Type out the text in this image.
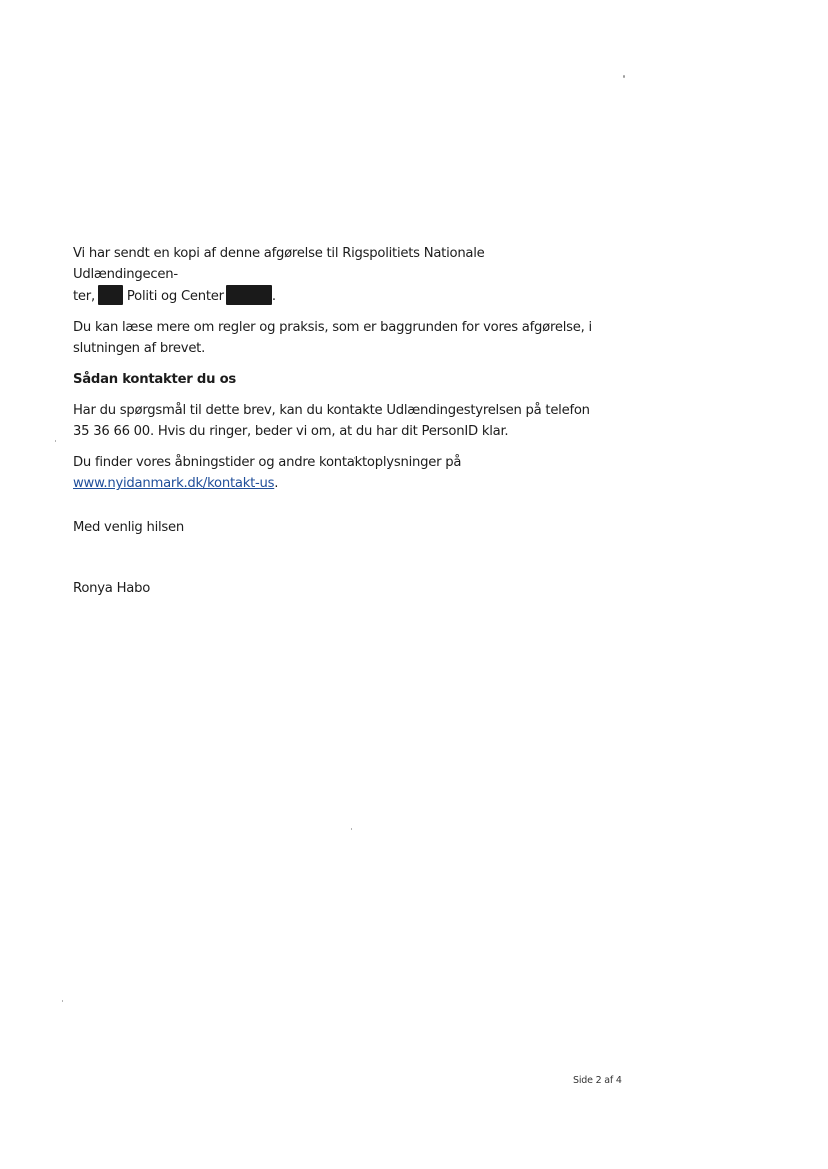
Vi har sendt en kopi af denne afgørelse til Rigspolitiets Nationale Udlændingecen-
ter, Politi og Center	.

Du kan læse mere om regler og praksis, som er baggrunden for vores afgørelse, i slutningen af brevet.

Sådan kontakter du os

Har du spørgsmål til dette brev, kan du kontakte Udlændingestyrelsen på telefon 35 36 66 00. Hvis du ringer, beder vi om, at du har dit PersonID klar.

Du finder vores åbningstider og andre kontaktoplysninger på
www.nyidanmark.dk/kontakt-us.

Med venlig hilsen
Ronya Habo
Side 2 af 4
